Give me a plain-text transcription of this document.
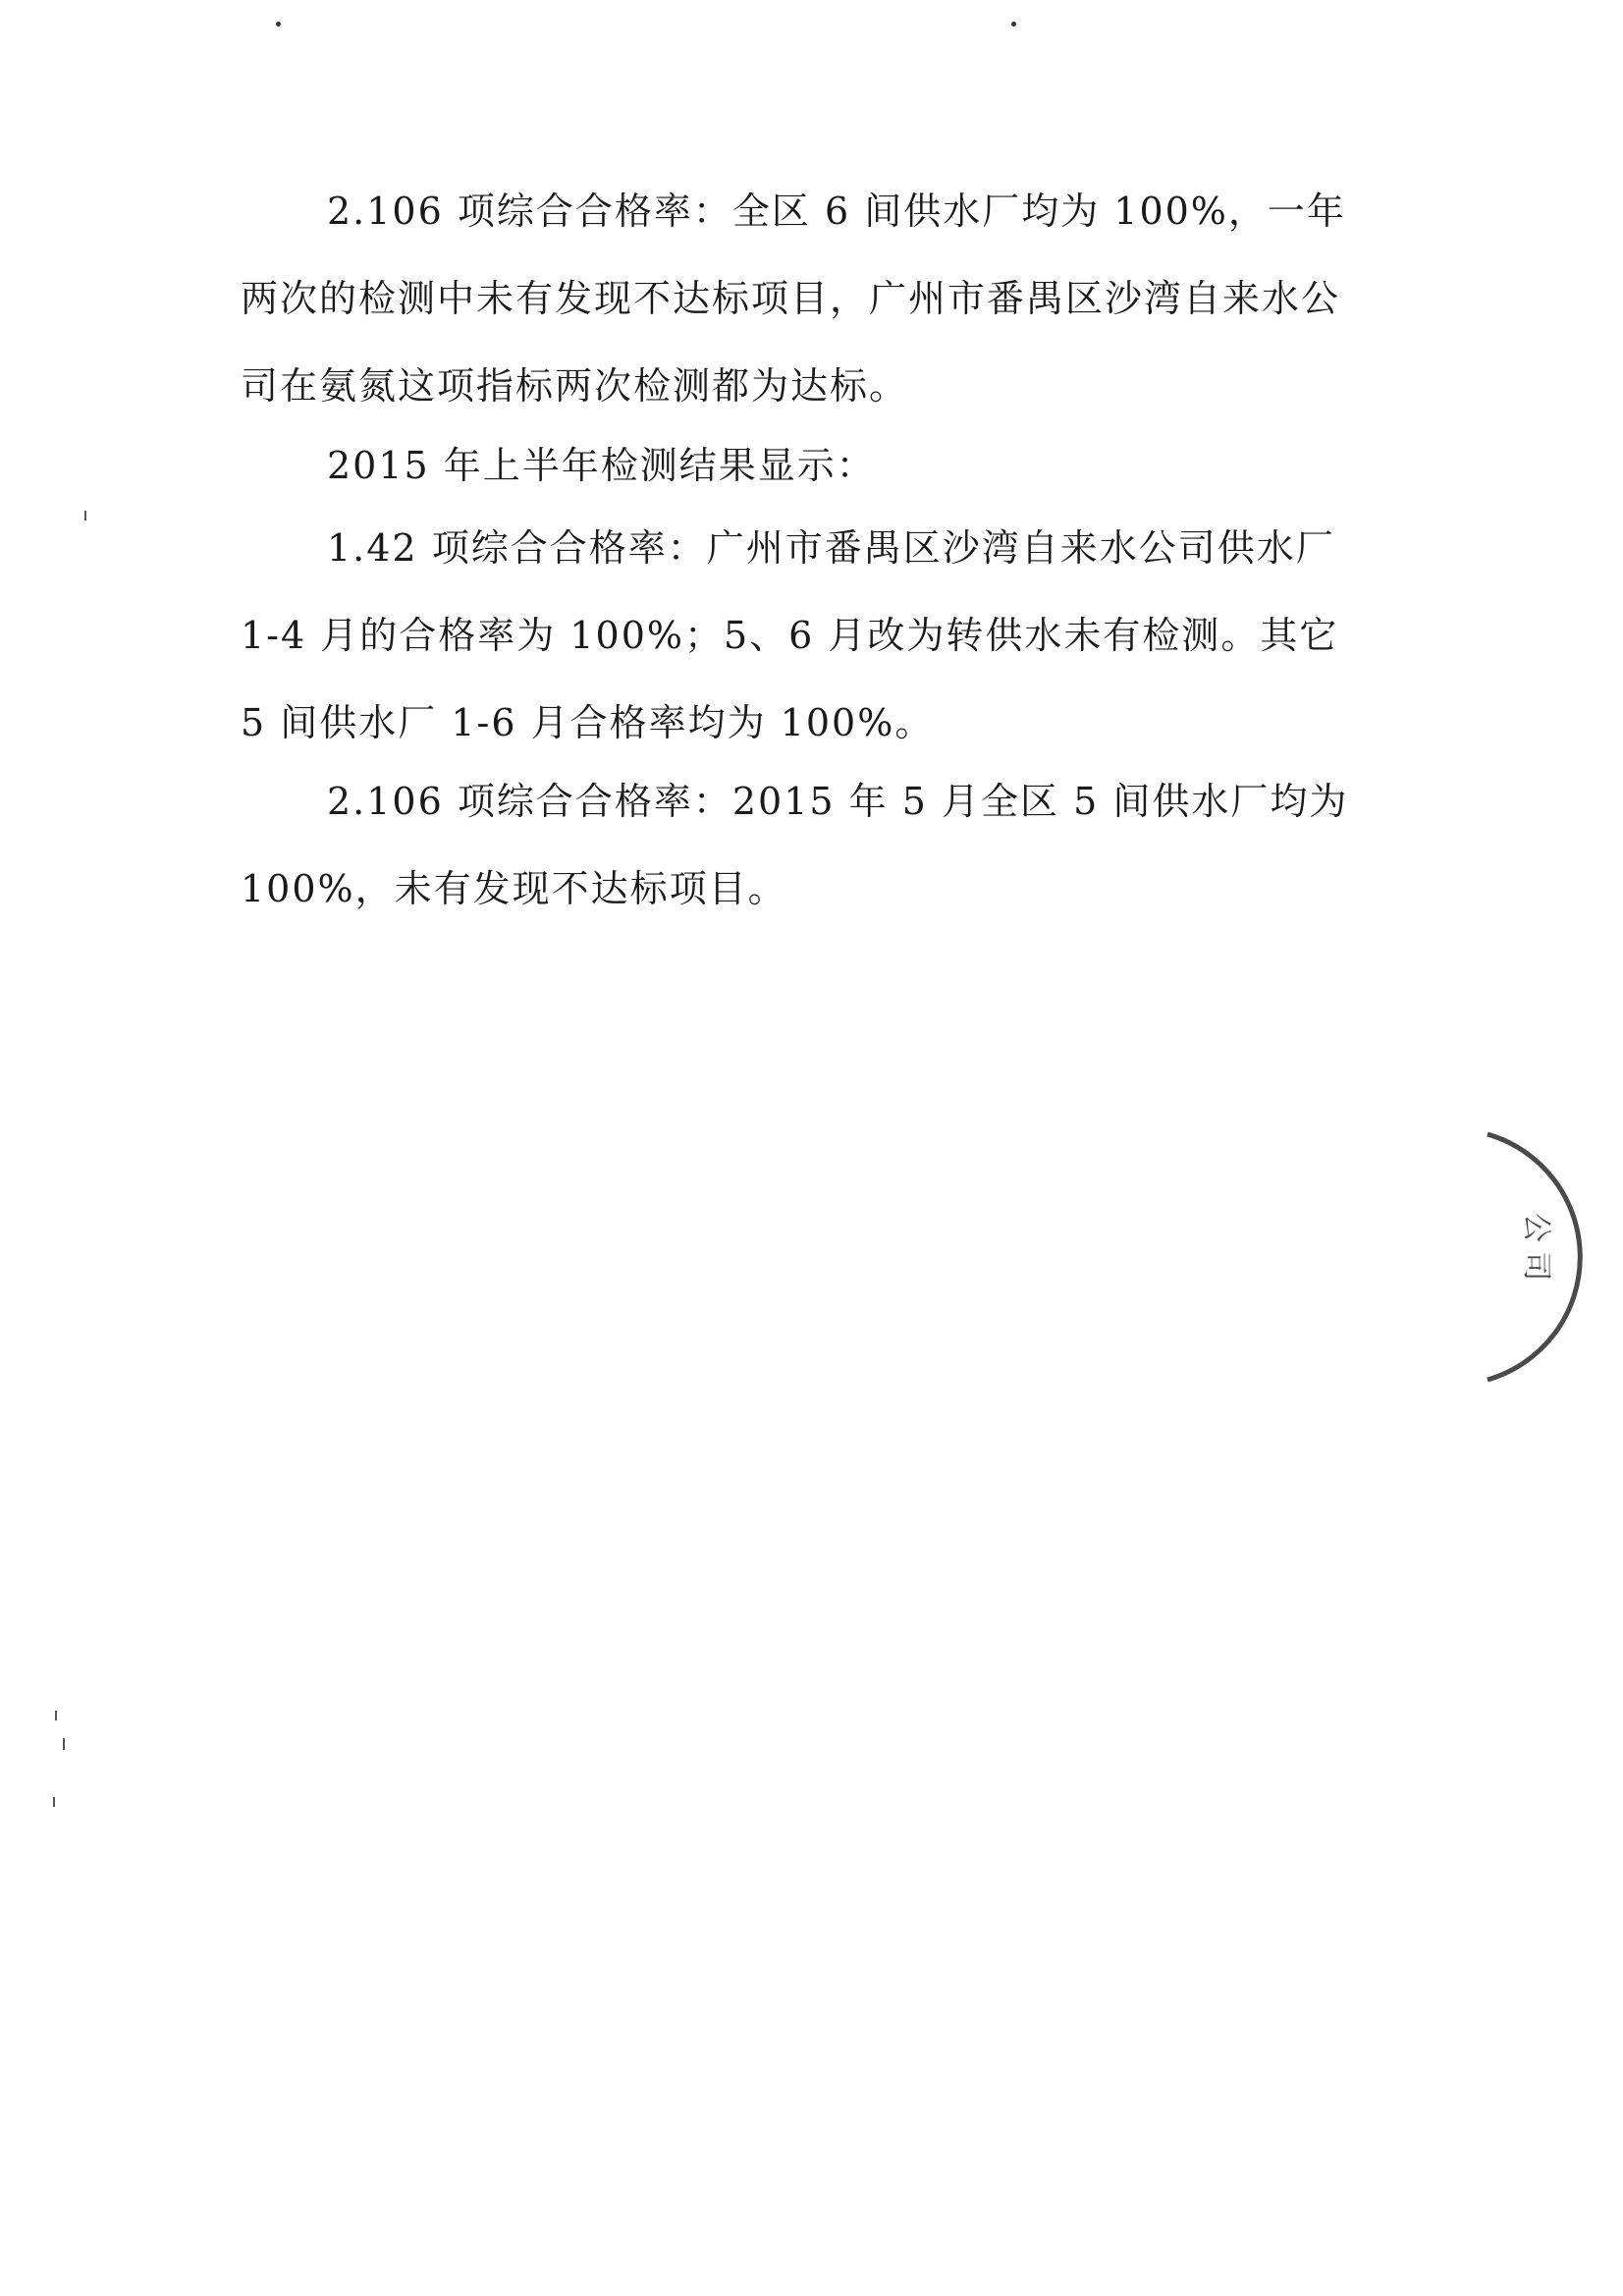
2.106 项综合合格率：全区 6 间供水厂均为 100%，一年两次的检测中未有发现不达标项目，广州市番禺区沙湾自来水公司在氨氮这项指标两次检测都为达标。

2015 年上半年检测结果显示：

1.42 项综合合格率：广州市番禺区沙湾自来水公司供水厂 1-4 月的合格率为 100%；5、6 月改为转供水未有检测。其它 5 间供水厂 1-6 月合格率均为 100%。

2.106 项综合合格率：2015 年 5 月全区 5 间供水厂均为 100%，未有发现不达标项目。

公 司
